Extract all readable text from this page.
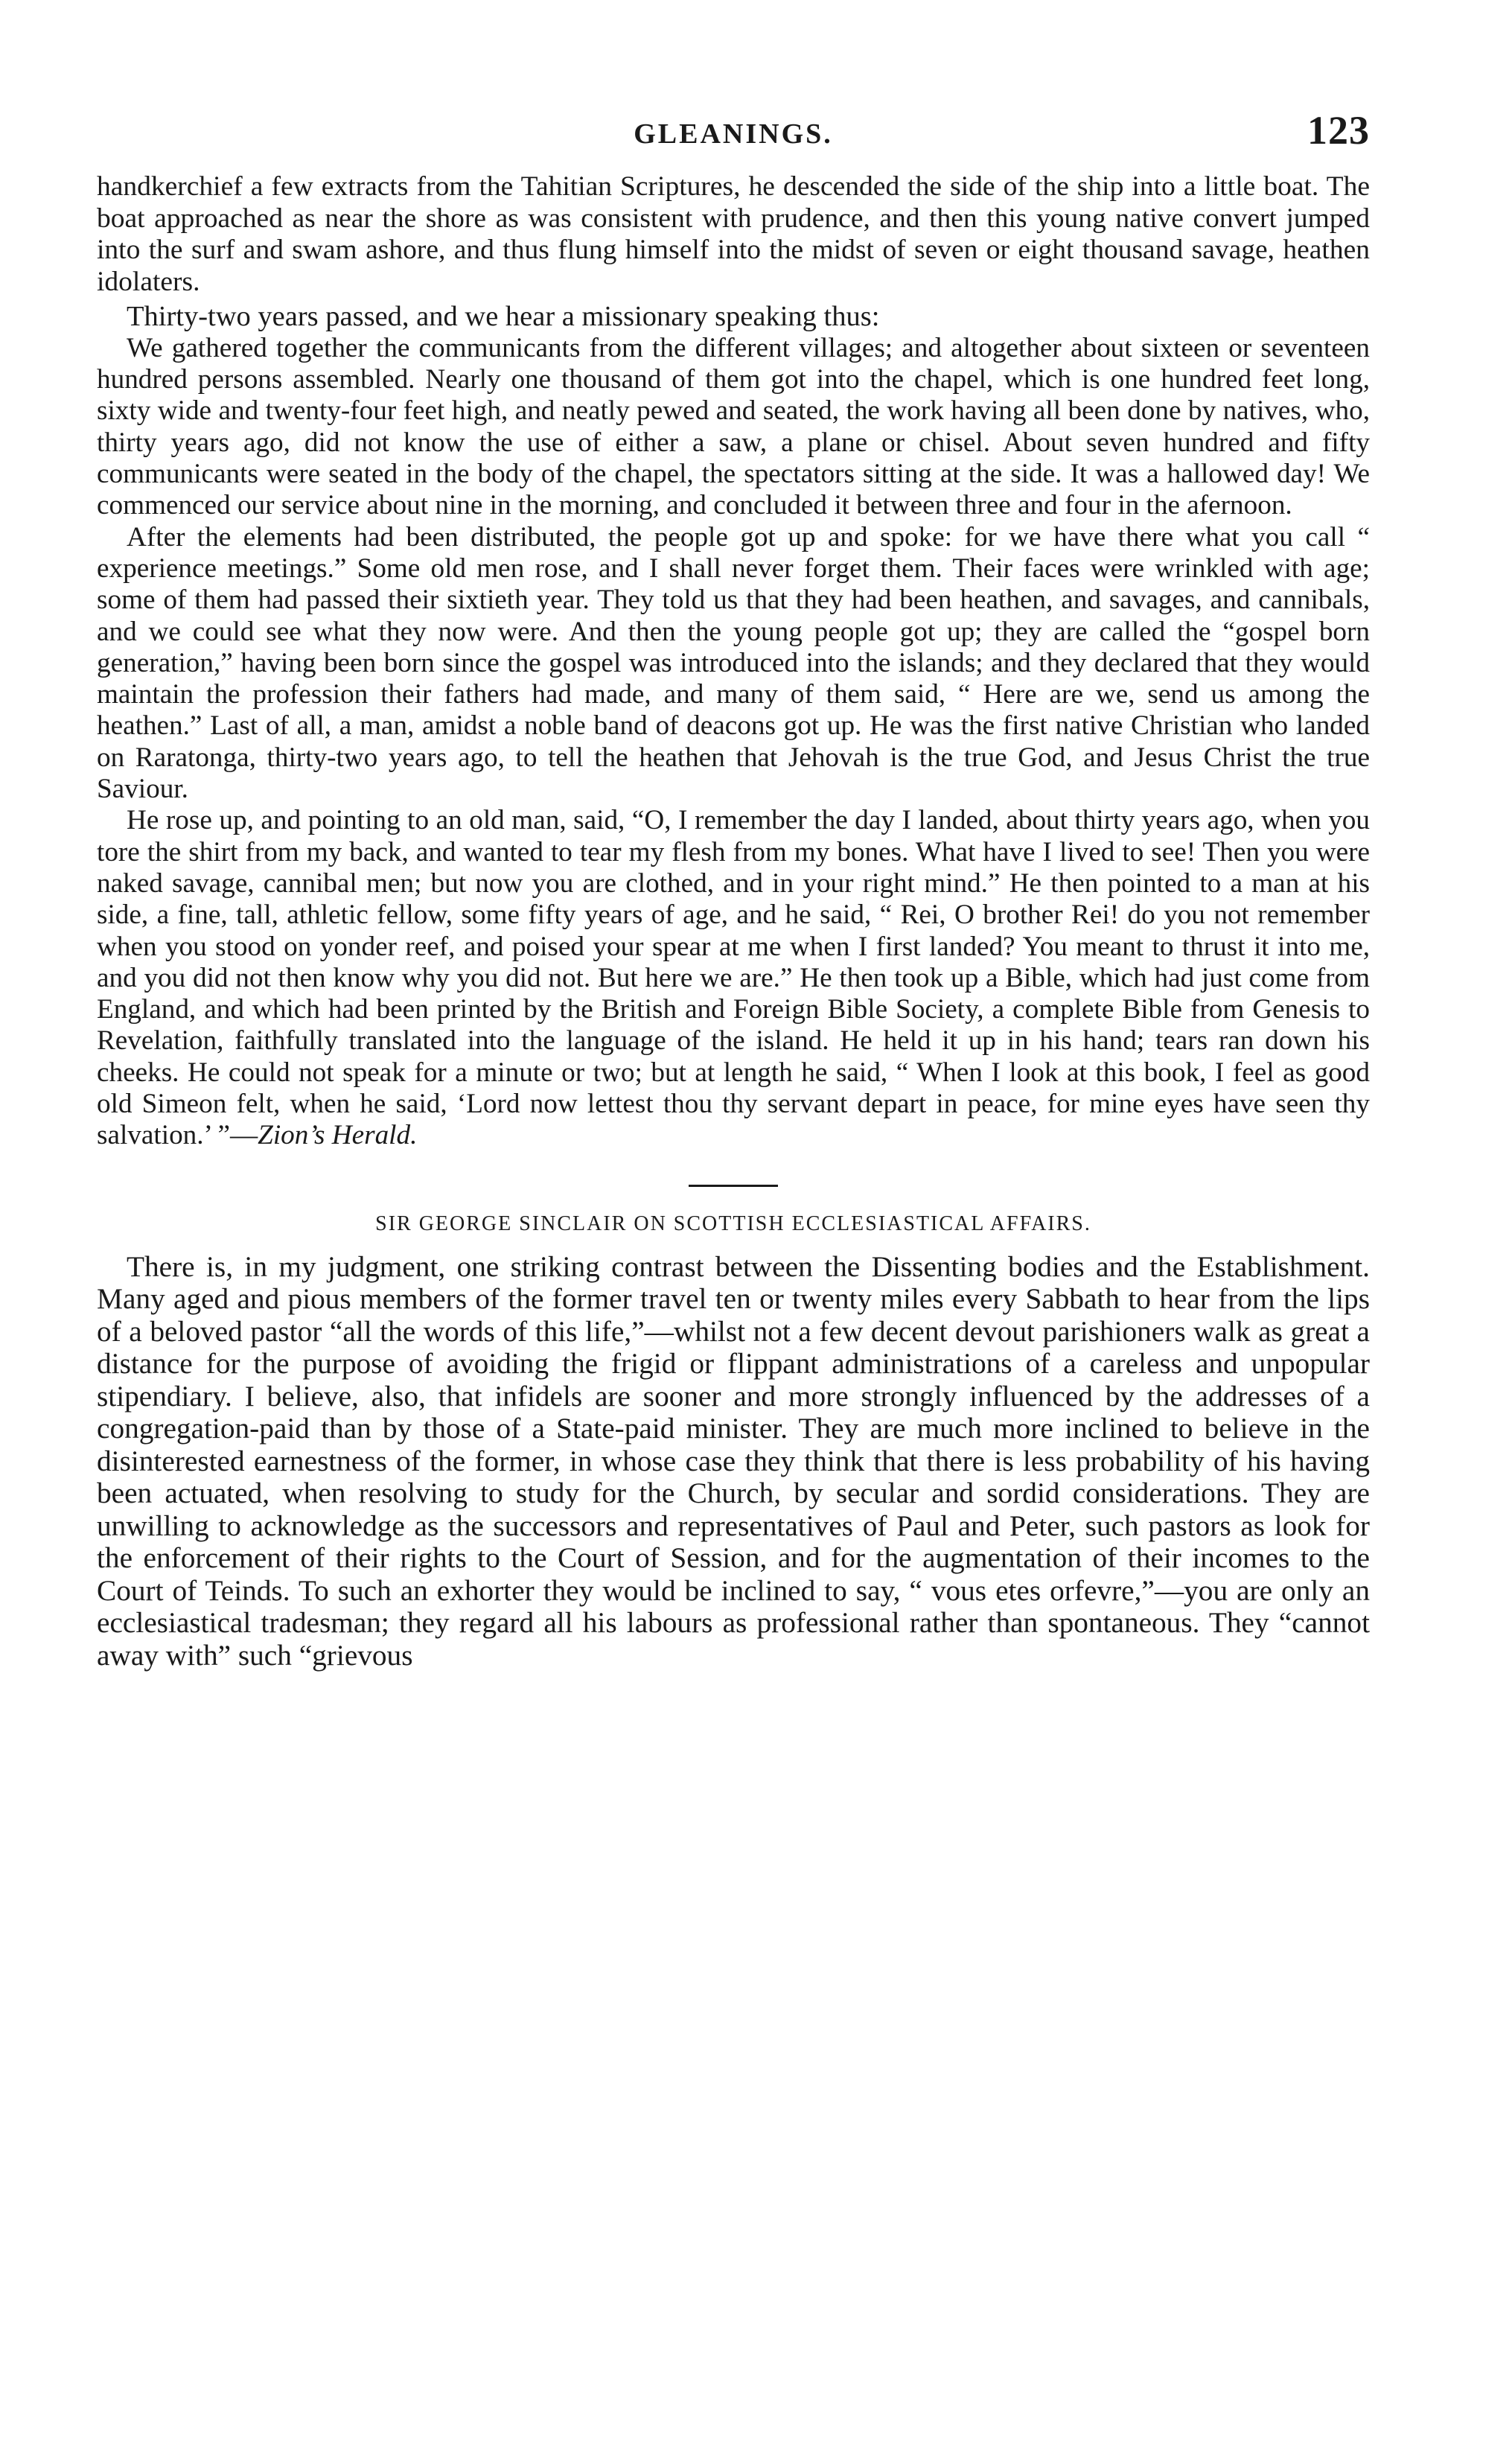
GLEANINGS.	123

handkerchief a few extracts from the Tahitian Scriptures, he descended the side of the ship into a little boat. The boat approached as near the shore as was consistent with prudence, and then this young native convert jumped into the surf and swam ashore, and thus flung himself into the midst of seven or eight thousand savage, heathen idolaters.

Thirty-two years passed, and we hear a missionary speaking thus:

We gathered together the communicants from the different villages; and altogether about sixteen or seventeen hundred persons assembled. Nearly one thousand of them got into the chapel, which is one hundred feet long, sixty wide and twenty-four feet high, and neatly pewed and seated, the work having all been done by natives, who, thirty years ago, did not know the use of either a saw, a plane or chisel. About seven hundred and fifty communicants were seated in the body of the chapel, the spectators sitting at the side. It was a hallowed day! We commenced our service about nine in the morning, and concluded it between three and four in the afernoon.
After the elements had been distributed, the people got up and spoke: for we have there what you call “ experience meetings.” Some old men rose, and I shall never forget them. Their faces were wrinkled with age; some of them had passed their sixtieth year. They told us that they had been heathen, and savages, and cannibals, and we could see what they now were. And then the young people got up; they are called the “gospel born generation,” having been born since the gospel was introduced into the islands; and they declared that they would maintain the profession their fathers had made, and many of them said, “ Here are we, send us among the heathen.” Last of all, a man, amidst a noble band of deacons got up. He was the first native Christian who landed on Raratonga, thirty-two years ago, to tell the heathen that Jehovah is the true God, and Jesus Christ the true Saviour.
He rose up, and pointing to an old man, said, “O, I remember the day I landed, about thirty years ago, when you tore the shirt from my back, and wanted to tear my flesh from my bones. What have I lived to see! Then you were naked savage, cannibal men; but now you are clothed, and in your right mind.” He then pointed to a man at his side, a fine, tall, athletic fellow, some fifty years of age, and he said, “ Rei, O brother Rei! do you not remember when you stood on yonder reef, and poised your spear at me when I first landed? You meant to thrust it into me, and you did not then know why you did not. But here we are.” He then took up a Bible, which had just come from England, and which had been printed by the British and Foreign Bible Society, a complete Bible from Genesis to Revelation, faithfully translated into the language of the island. He held it up in his hand; tears ran down his cheeks. He could not speak for a minute or two; but at length he said, “ When I look at this book, I feel as good old Simeon felt, when he said, ‘Lord now lettest thou thy servant depart in peace, for mine eyes have seen thy salvation.’ ”—Zion’s Herald.
SIR GEORGE SINCLAIR ON SCOTTISH ECCLESIASTICAL AFFAIRS.

There is, in my judgment, one striking contrast between the Dissenting bodies and the Establishment. Many aged and pious members of the former travel ten or twenty miles every Sabbath to hear from the lips of a beloved pastor “all the words of this life,”—whilst not a few decent devout parishioners walk as great a distance for the purpose of avoiding the frigid or flippant administrations of a careless and unpopular stipendiary. I believe, also, that infidels are sooner and more strongly influenced by the addresses of a congregation-paid than by those of a State-paid minister. They are much more inclined to believe in the disinterested earnestness of the former, in whose case they think that there is less probability of his having been actuated, when resolving to study for the Church, by secular and sordid considerations. They are unwilling to acknowledge as the successors and representatives of Paul and Peter, such pastors as look for the enforcement of their rights to the Court of Session, and for the augmentation of their incomes to the Court of Teinds. To such an exhorter they would be inclined to say, “ vous etes orfevre,”—you are only an ecclesiastical tradesman; they regard all his labours as professional rather than spontaneous. They “cannot away with” such “grievous
